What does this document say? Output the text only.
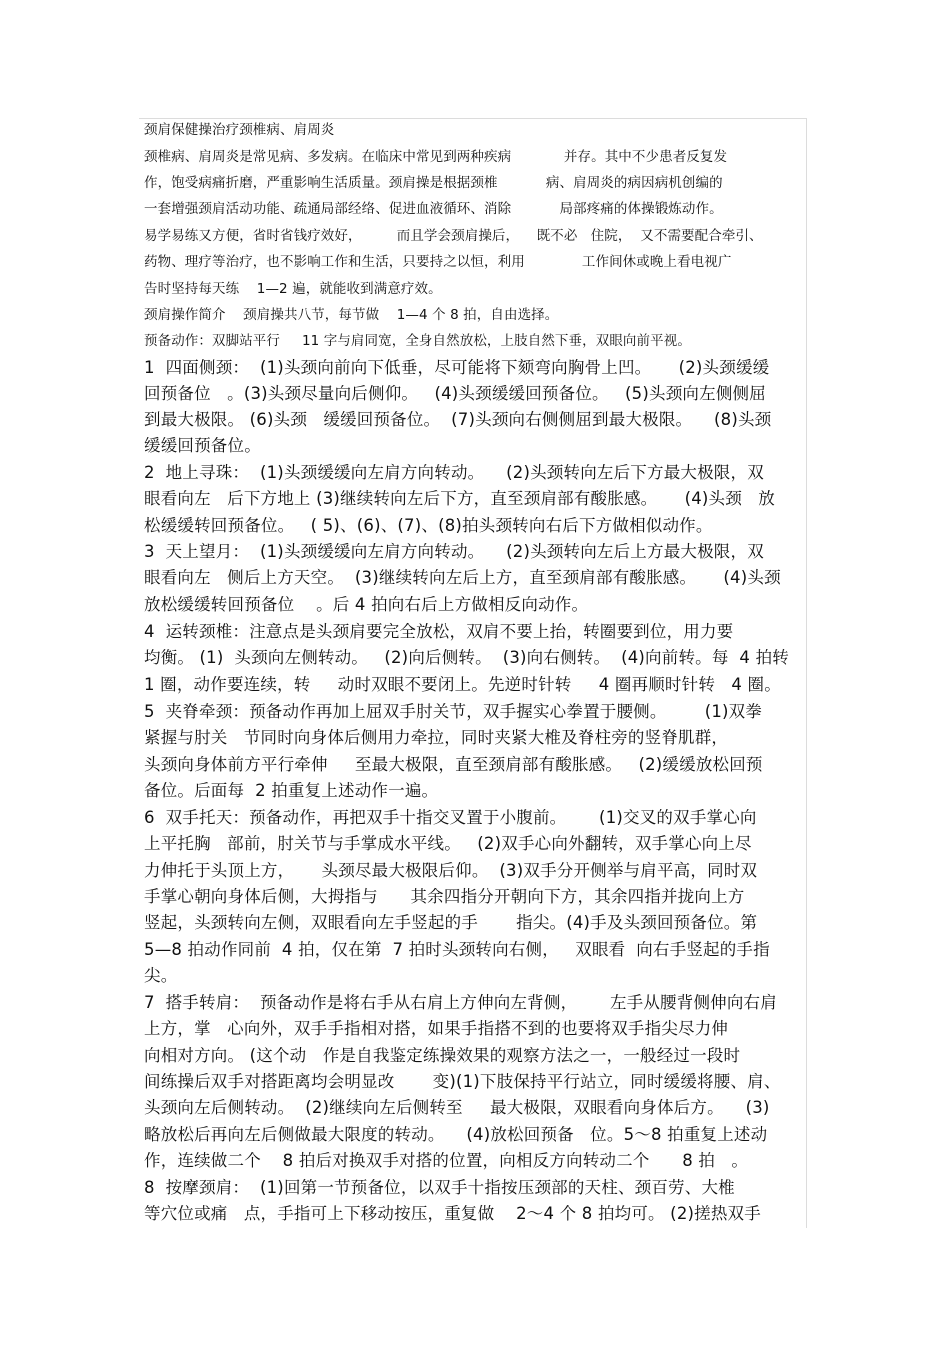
颈肩保健操治疗颈椎病、肩周炎
颈椎病、肩周炎是常见病、多发病。在临床中常见到两种疾病            并存。其中不少患者反复发
作，饱受病痛折磨，严重影响生活质量。颈肩操是根据颈椎           病、肩周炎的病因病机创编的
一套增强颈肩活动功能、疏通局部经络、促进血液循环、消除           局部疼痛的体操锻炼动作。
易学易练又方便，省时省钱疗效好，        而且学会颈肩操后，    既不必   住院，  又不需要配合牵引、
药物、理疗等治疗，也不影响工作和生活，只要持之以恒，利用             工作间休或晚上看电视广
告时坚持每天练    1—2 遍，就能收到满意疗效。
颈肩操作简介    颈肩操共八节，每节做    1—4 个 8 拍，自由选择。
预备动作：双脚站平行     11 字与肩同宽，全身自然放松，上肢自然下垂，双眼向前平视。
1  四面侧颈：  (1)头颈向前向下低垂，尽可能将下颏弯向胸骨上凹。     (2)头颈缓缓
回预备位   。(3)头颈尽量向后侧仰。   (4)头颈缓缓回预备位。   (5)头颈向左侧侧屈
到最大极限。 (6)头颈   缓缓回预备位。  (7)头颈向右侧侧屈到最大极限。    (8)头颈
缓缓回预备位。
2  地上寻珠：  (1)头颈缓缓向左肩方向转动。    (2)头颈转向左后下方最大极限，双
眼看向左   后下方地上 (3)继续转向左后下方，直至颈肩部有酸胀感。     (4)头颈   放
松缓缓转回预备位。   ( 5)、(6)、(7)、(8)拍头颈转向右后下方做相似动作。
3  天上望月：  (1)头颈缓缓向左肩方向转动。    (2)头颈转向左后上方最大极限，双
眼看向左   侧后上方天空。  (3)继续转向左后上方，直至颈肩部有酸胀感。     (4)头颈
放松缓缓转回预备位    。后 4 拍向右后上方做相反向动作。
4  运转颈椎：注意点是头颈肩要完全放松，双肩不要上抬，转圈要到位，用力要
均衡。 (1)  头颈向左侧转动。   (2)向后侧转。  (3)向右侧转。  (4)向前转。每  4 拍转
1 圈，动作要连续，转     动时双眼不要闭上。先逆时针转     4 圈再顺时针转   4 圈。
5  夹脊牵颈：预备动作再加上屈双手肘关节，双手握实心拳置于腰侧。       (1)双拳
紧握与肘关   节同时向身体后侧用力牵拉，同时夹紧大椎及脊柱旁的竖脊肌群，
头颈向身体前方平行牵伸     至最大极限，直至颈肩部有酸胀感。   (2)缓缓放松回预
备位。后面每  2 拍重复上述动作一遍。
6  双手托天：预备动作，再把双手十指交叉置于小腹前。      (1)交叉的双手掌心向
上平托胸   部前，肘关节与手掌成水平线。   (2)双手心向外翻转，双手掌心向上尽
力伸托于头顶上方，     头颈尽最大极限后仰。  (3)双手分开侧举与肩平高，同时双
手掌心朝向身体后侧，大拇指与      其余四指分开朝向下方，其余四指并拢向上方
竖起，头颈转向左侧，双眼看向左手竖起的手       指尖。(4)手及头颈回预备位。第
5—8 拍动作同前  4 拍，仅在第  7 拍时头颈转向右侧，   双眼看  向右手竖起的手指
尖。
7  搭手转肩：  预备动作是将右手从右肩上方伸向左背侧，      左手从腰背侧伸向右肩
上方，掌   心向外，双手手指相对搭，如果手指搭不到的也要将双手指尖尽力伸
向相对方向。 (这个动   作是自我鉴定练操效果的观察方法之一，一般经过一段时
间练操后双手对搭距离均会明显改       变)(1)下肢保持平行站立，同时缓缓将腰、肩、
头颈向左后侧转动。  (2)继续向左后侧转至     最大极限，双眼看向身体后方。    (3)
略放松后再向左后侧做最大限度的转动。    (4)放松回预备   位。5～8 拍重复上述动
作，连续做二个    8 拍后对换双手对搭的位置，向相反方向转动二个      8 拍   。
8  按摩颈肩：  (1)回第一节预备位，以双手十指按压颈部的天柱、颈百劳、大椎
等穴位或痛   点，手指可上下移动按压，重复做    2～4 个 8 拍均可。 (2)搓热双手
